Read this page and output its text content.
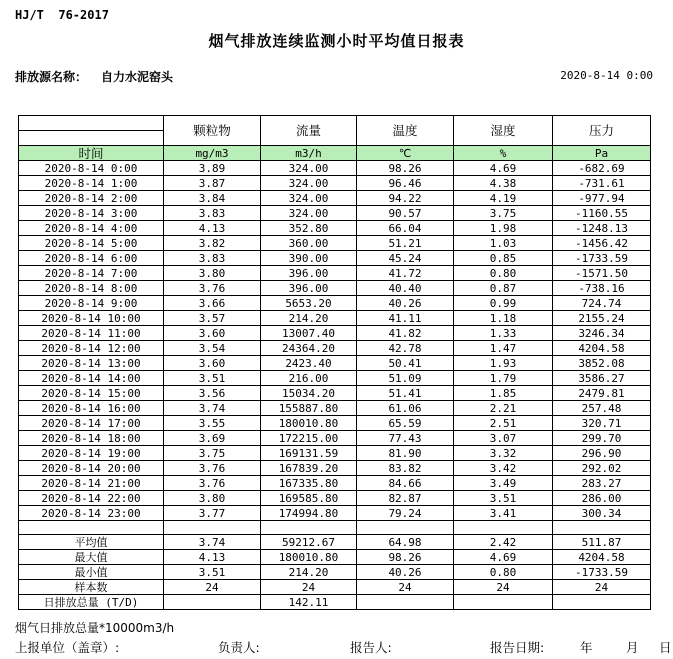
HJ/T  76-2017
烟气排放连续监测小时平均值日报表
排放源名称： 自力水泥窑头	2020-8-14 0:00
	颗粒物	流量	温度	湿度	压力

时间	mg/m3	m3/h	℃	%	Pa
2020-8-14 0:00	3.89	324.00	98.26	4.69	-682.69
2020-8-14 1:00	3.87	324.00	96.46	4.38	-731.61
2020-8-14 2:00	3.84	324.00	94.22	4.19	-977.94
2020-8-14 3:00	3.83	324.00	90.57	3.75	-1160.55
2020-8-14 4:00	4.13	352.80	66.04	1.98	-1248.13
2020-8-14 5:00	3.82	360.00	51.21	1.03	-1456.42
2020-8-14 6:00	3.83	390.00	45.24	0.85	-1733.59
2020-8-14 7:00	3.80	396.00	41.72	0.80	-1571.50
2020-8-14 8:00	3.76	396.00	40.40	0.87	-738.16
2020-8-14 9:00	3.66	5653.20	40.26	0.99	724.74
2020-8-14 10:00	3.57	214.20	41.11	1.18	2155.24
2020-8-14 11:00	3.60	13007.40	41.82	1.33	3246.34
2020-8-14 12:00	3.54	24364.20	42.78	1.47	4204.58
2020-8-14 13:00	3.60	2423.40	50.41	1.93	3852.08
2020-8-14 14:00	3.51	216.00	51.09	1.79	3586.27
2020-8-14 15:00	3.56	15034.20	51.41	1.85	2479.81
2020-8-14 16:00	3.74	155887.80	61.06	2.21	257.48
2020-8-14 17:00	3.55	180010.80	65.59	2.51	320.71
2020-8-14 18:00	3.69	172215.00	77.43	3.07	299.70
2020-8-14 19:00	3.75	169131.59	81.90	3.32	296.90
2020-8-14 20:00	3.76	167839.20	83.82	3.42	292.02
2020-8-14 21:00	3.76	167335.80	84.66	3.49	283.27
2020-8-14 22:00	3.80	169585.80	82.87	3.51	286.00
2020-8-14 23:00	3.77	174994.80	79.24	3.41	300.34

平均值	3.74	59212.67	64.98	2.42	511.87
最大值	4.13	180010.80	98.26	4.69	4204.58
最小值	3.51	214.20	40.26	0.80	-1733.59
样本数	24	24	24	24	24
日排放总量 (T/D)		142.11			
烟气日排放总量*10000m3/h
上报单位（盖章）:	负责人:	报告人:	报告日期:	年	月 日
